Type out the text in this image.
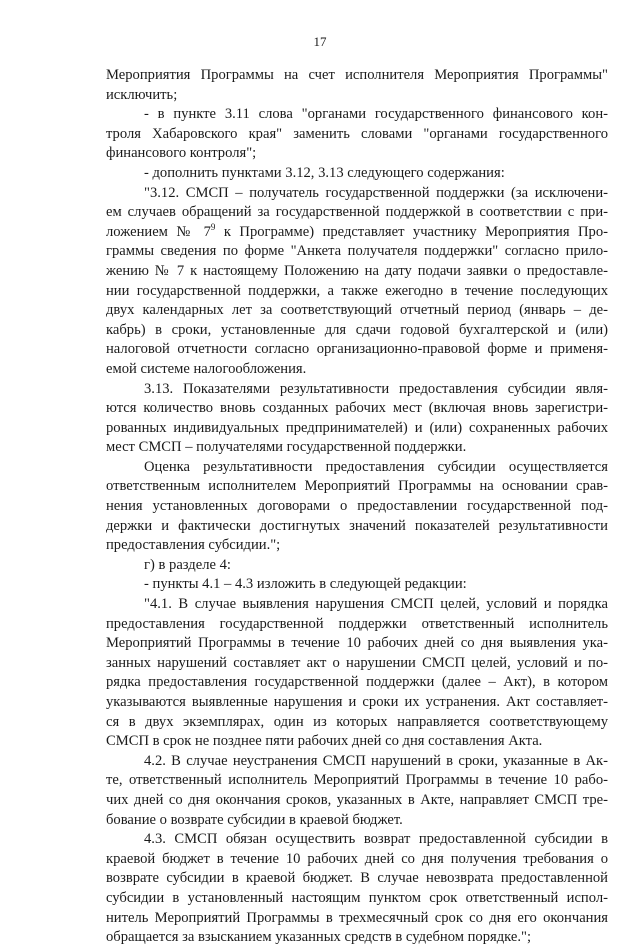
17
Мероприятия Программы на счет исполнителя Мероприятия Программы"
исключить;
- в пункте 3.11 слова "органами государственного финансового кон-
троля Хабаровского края" заменить словами "органами государственного
финансового контроля";
- дополнить пунктами 3.12, 3.13 следующего содержания:
"3.12. СМСП – получатель государственной поддержки (за исключени-
ем случаев обращений за государственной поддержкой в соответствии с при-
ложением № $7^9$ к Программе) представляет участнику Мероприятия Про-
граммы сведения по форме "Анкета получателя поддержки" согласно прило-
жению № 7 к настоящему Положению на дату подачи заявки о предоставле-
нии государственной поддержки, а также ежегодно в течение последующих
двух календарных лет за соответствующий отчетный период (январь – де-
кабрь) в сроки, установленные для сдачи годовой бухгалтерской и (или)
налоговой отчетности согласно организационно-правовой форме и применя-
емой системе налогообложения.
3.13. Показателями результативности предоставления субсидии явля-
ются количество вновь созданных рабочих мест (включая вновь зарегистри-
рованных индивидуальных предпринимателей) и (или) сохраненных рабочих
мест СМСП – получателями государственной поддержки.
Оценка результативности предоставления субсидии осуществляется
ответственным исполнителем Мероприятий Программы на основании срав-
нения установленных договорами о предоставлении государственной под-
держки и фактически достигнутых значений показателей результативности
предоставления субсидии.";
г) в разделе 4:
- пункты 4.1 – 4.3 изложить в следующей редакции:
"4.1. В случае выявления нарушения СМСП целей, условий и порядка
предоставления государственной поддержки ответственный исполнитель
Мероприятий Программы в течение 10 рабочих дней со дня выявления ука-
занных нарушений составляет акт о нарушении СМСП целей, условий и по-
рядка предоставления государственной поддержки (далее – Акт), в котором
указываются выявленные нарушения и сроки их устранения. Акт составляет-
ся в двух экземплярах, один из которых направляется соответствующему
СМСП в срок не позднее пяти рабочих дней со дня составления Акта.
4.2. В случае неустранения СМСП нарушений в сроки, указанные в Ак-
те, ответственный исполнитель Мероприятий Программы в течение 10 рабо-
чих дней со дня окончания сроков, указанных в Акте, направляет СМСП тре-
бование о возврате субсидии в краевой бюджет.
4.3. СМСП обязан осуществить возврат предоставленной субсидии в
краевой бюджет в течение 10 рабочих дней со дня получения требования о
возврате субсидии в краевой бюджет. В случае невозврата предоставленной
субсидии в установленный настоящим пунктом срок ответственный испол-
нитель Мероприятий Программы в трехмесячный срок со дня его окончания
обращается за взысканием указанных средств в судебном порядке.";
